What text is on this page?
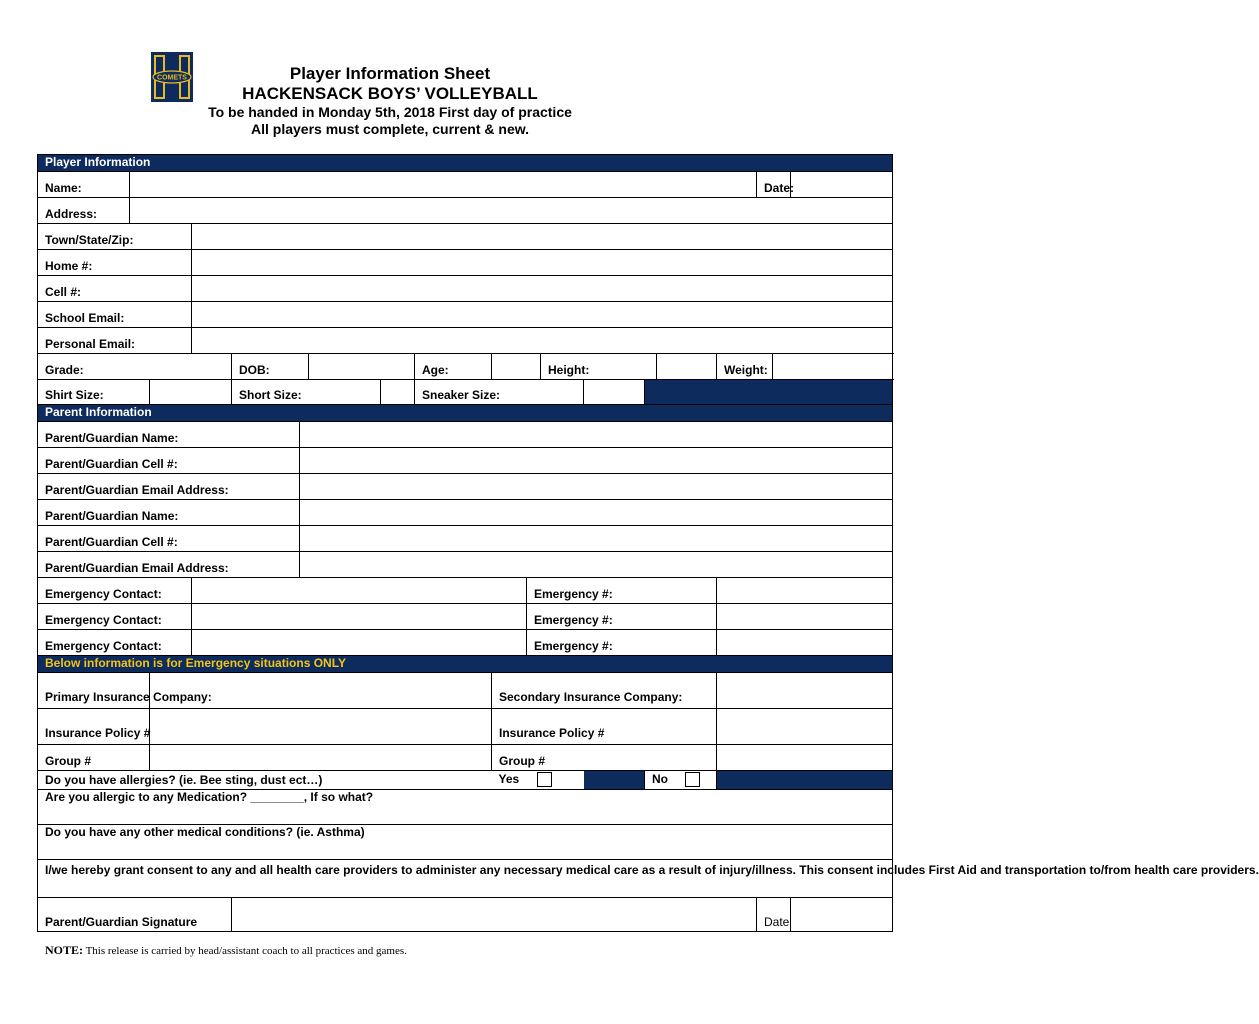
COMETS	Player Information Sheet
HACKENSACK BOYS’ VOLLEYBALL
To be handed in Monday 5th, 2018 First day of practice
All players must complete, current & new.
Player Information																		
Name:																Date:		
Address:																		
Town/State/Zip:																		
Home #:																		
Cell #:																		
School Email:																		
Personal Email:																		
Grade:				DOB:				Age:			Height:				Weight:			
Shirt Size:				Short Size:				Sneaker Size:										
Parent Information																		
Parent/Guardian Name:																		
Parent/Guardian Cell #:																		
Parent/Guardian Email Address:																		
Parent/Guardian Name:																		
Parent/Guardian Cell #:																		
Parent/Guardian Email Address:																		
Emergency Contact:										Emergency #:								
Emergency Contact:										Emergency #:								
Emergency Contact:										Emergency #:								
Below information is for Emergency situations ONLY																		
Primary Insurance Company:									Secondary Insurance Company:									
Insurance Policy #									Insurance Policy #									
Group #									Group #									
Do you have allergies? (ie. Bee sting, dust ect…)									Yes				No					
Are you allergic to any Medication? ________, If so what?																		
Do you have any other medical conditions? (ie. Asthma)																		
I/we hereby grant consent to any and all health care providers to administer any necessary medical care as a result of injury/illness. This consent includes First Aid and transportation to/from health care providers.																		
Parent/Guardian Signature																Date		
NOTE: This release is carried by head/assistant coach to all practices and games.
